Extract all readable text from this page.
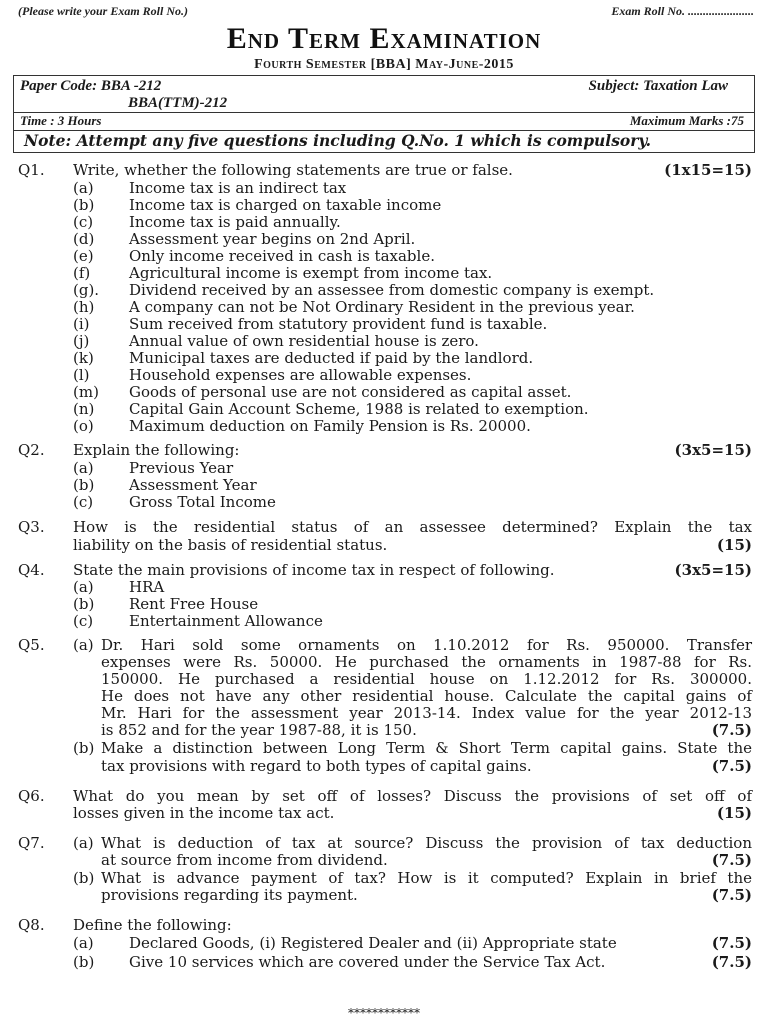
(Please write your Exam Roll No.)	Exam Roll No. ......................
End Term Examination
Fourth Semester [BBA] May-June-2015
Paper Code: BBA -212	Subject: Taxation Law
BBA(TTM)-212
Time : 3 Hours	Maximum Marks :75
Note: Attempt any five questions including Q.No. 1 which is compulsory.
Q1. Write, whether the following statements are true or false.	(1x15=15)
(a) Income tax is an indirect tax
(b) Income tax is charged on taxable income
(c) Income tax is paid annually.
(d) Assessment year begins on 2nd April.
(e) Only income received in cash is taxable.
(f)	Agricultural income is exempt from income tax.
(g). Dividend received by an assessee from domestic company is exempt.
(h) A company can not be Not Ordinary Resident in the previous year.
(i)	Sum received from statutory provident fund is taxable.
(j)	Annual value of own residential house is zero.
(k) Municipal taxes are deducted if paid by the landlord.
(l)	Household expenses are allowable expenses.
(m) Goods of personal use are not considered as capital asset.
(n) Capital Gain Account Scheme, 1988 is related to exemption.
(o) Maximum deduction on Family Pension is Rs. 20000.
Q2. Explain the following:	(3x5=15)
(a) Previous Year
(b) Assessment Year
(c) Gross Total Income
Q3. How is the residential status of an assessee determined? Explain the tax
liability on the basis of residential status.	(15)
Q4. State the main provisions of income tax in respect of following.	(3x5=15)
(a) HRA
(b) Rent Free House
(c) Entertainment Allowance
Q5. (a) Dr. Hari sold some ornaments on 1.10.2012 for Rs. 950000. Transfer
expenses were Rs. 50000. He purchased the ornaments in 1987-88 for Rs.
150000. He purchased a residential house on 1.12.2012 for Rs. 300000.
He does not have any other residential house. Calculate the capital gains of
Mr. Hari for the assessment year 2013-14. Index value for the year 2012-13
is 852 and for the year 1987-88, it is 150.	(7.5)
(b) Make a distinction between Long Term & Short Term capital gains. State the
tax provisions with regard to both types of capital gains.	(7.5)
Q6. What do you mean by set off of losses? Discuss the provisions of set off of
losses given in the income tax act.	(15)
Q7. (a) What is deduction of tax at source? Discuss the provision of tax deduction
at source from income from dividend.	(7.5)
(b) What is advance payment of tax? How is it computed? Explain in brief the
provisions regarding its payment.	(7.5)
Q8. Define the following:
(a) Declared Goods, (i) Registered Dealer and (ii) Appropriate state	(7.5)
(b) Give 10 services which are covered under the Service Tax Act.	(7.5)
************
